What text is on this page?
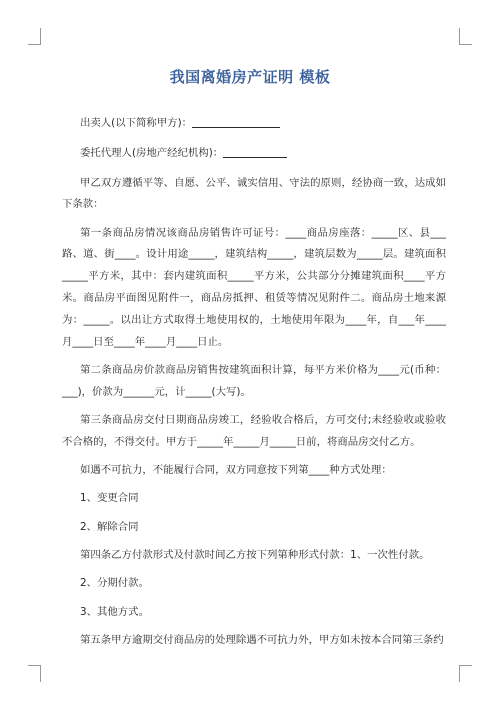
我国离婚房产证明 模板

出卖人(以下简称甲方)：

委托代理人(房地产经纪机构)：

甲乙双方遵循平等、自愿、公平、诚实信用、守法的原则，经协商一致，达成如下条款：

第一条商品房情况该商品房销售许可证号：____商品房座落：_____区、县___路、道、街____。设计用途_____，建筑结构_____，建筑层数为_____层。建筑面积_____平方米，其中：套内建筑面积_____平方米，公共部分分摊建筑面积____平方米。商品房平面图见附件一，商品房抵押、租赁等情况见附件二。商品房土地来源为：_____。以出让方式取得土地使用权的，土地使用年限为____年，自___年____月____日至____年____月____日止。

第二条商品房价款商品房销售按建筑面积计算，每平方米价格为____元(币种：___)，价款为______元，计_____(大写)。

第三条商品房交付日期商品房竣工，经验收合格后，方可交付;未经验收或验收不合格的，不得交付。甲方于_____年_____月_____日前，将商品房交付乙方。

如遇不可抗力，不能履行合同，双方同意按下列第____种方式处理：

1、变更合同

2、解除合同

第四条乙方付款形式及付款时间乙方按下列第种形式付款：1、一次性付款。

2、分期付款。

3、其他方式。

第五条甲方逾期交付商品房的处理除遇不可抗力外，甲方如未按本合同第三条约
